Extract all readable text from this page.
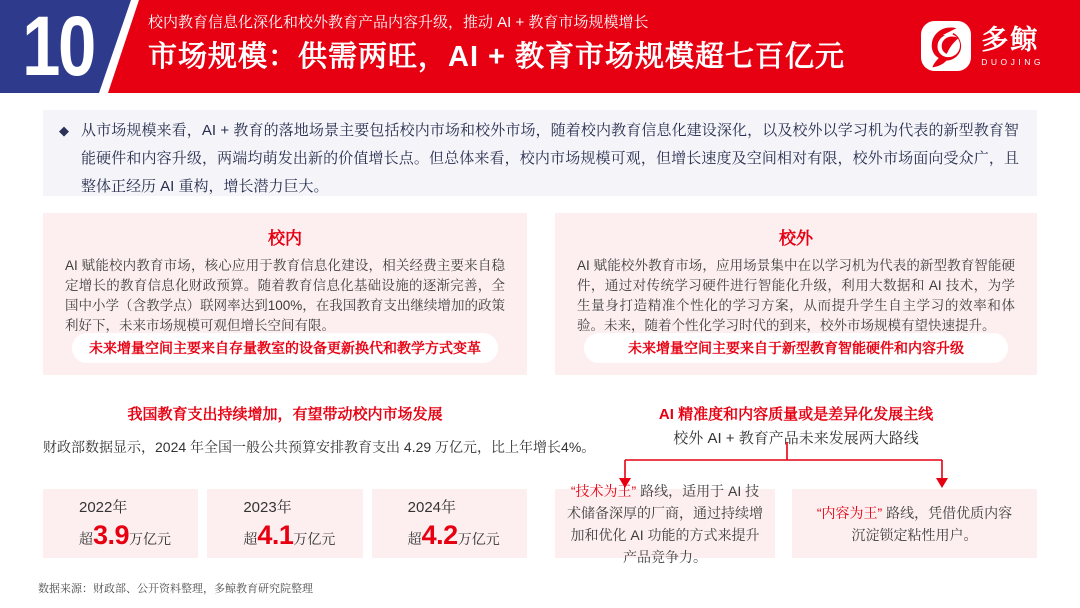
10	校内教育信息化深化和校外教育产品内容升级，推动 AI + 教育市场规模增长
市场规模：供需两旺，AI + 教育市场规模超七百亿元
多鲸
DUOJING
◆ 从市场规模来看，AI + 教育的落地场景主要包括校内市场和校外市场，随着校内教育信息化建设深化，以及校外以学习机为代表的新型教育智能硬件和内容升级，两端均萌发出新的价值增长点。但总体来看，校内市场规模可观，但增长速度及空间相对有限，校外市场面向受众广，且整体正经历 AI 重构，增长潜力巨大。
校内
AI 赋能校内教育市场，核心应用于教育信息化建设，相关经费主要来自稳定增长的教育信息化财政预算。随着教育信息化基础设施的逐渐完善，全国中小学（含教学点）联网率达到100%，在我国教育支出继续增加的政策利好下，未来市场规模可观但增长空间有限。
未来增量空间主要来自存量教室的设备更新换代和教学方式变革
校外
AI 赋能校外教育市场，应用场景集中在以学习机为代表的新型教育智能硬件，通过对传统学习硬件进行智能化升级，利用大数据和 AI 技术，为学生量身打造精准个性化的学习方案，从而提升学生自主学习的效率和体验。未来，随着个性化学习时代的到来，校外市场规模有望快速提升。
未来增量空间主要来自于新型教育智能硬件和内容升级
我国教育支出持续增加，有望带动校内市场发展
财政部数据显示，2024 年全国一般公共预算安排教育支出 4.29 万亿元，比上年增长4%。
AI 精准度和内容质量或是差异化发展主线
校外 AI + 教育产品未来发展两大路线
2022年
超 3.9 万亿元
2023年
超 4.1 万亿元
2024年
超 4.2 万亿元
“技术为王” 路线，适用于 AI 技术储备深厚的厂商，通过持续增加和优化 AI 功能的方式来提升产品竞争力。
“内容为王” 路线，凭借优质内容沉淀锁定粘性用户。
数据来源：财政部、公开资料整理，多鲸教育研究院整理
